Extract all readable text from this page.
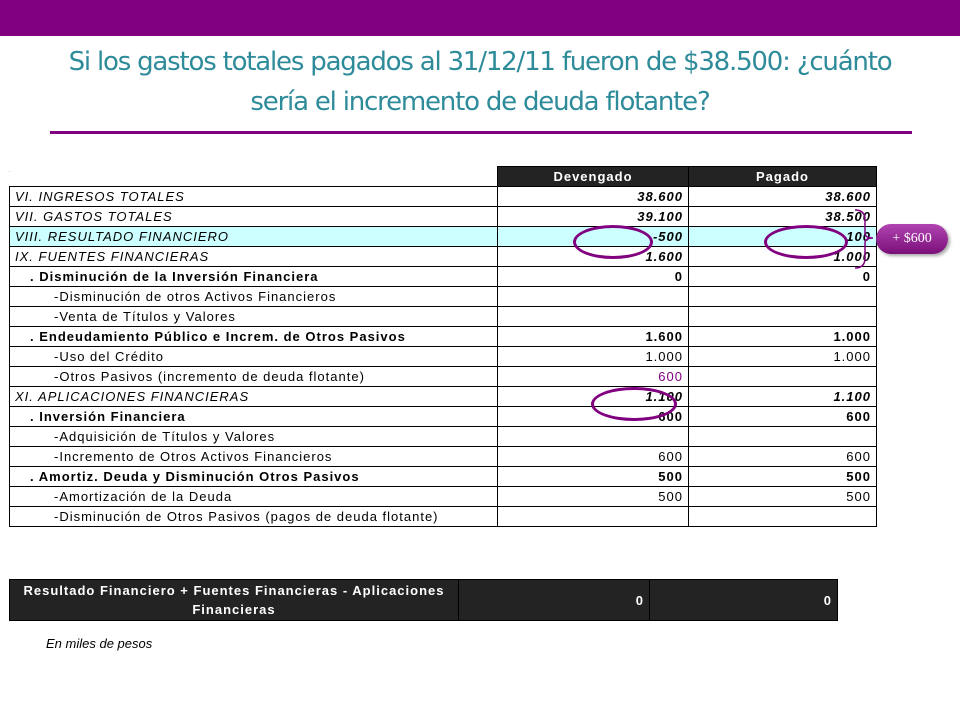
Si los gastos totales pagados al 31/12/11 fueron de $38.500: ¿cuánto
sería el incremento de deuda flotante?
	Devengado	Pagado
VI. INGRESOS TOTALES	38.600	38.600
VII. GASTOS TOTALES	39.100	38.500
VIII. RESULTADO FINANCIERO	-500	100
IX. FUENTES FINANCIERAS	1.600	1.000
. Disminución de la Inversión Financiera	0	0
-Disminución de otros Activos Financieros		
-Venta de Títulos y Valores		
. Endeudamiento Público e Increm. de Otros Pasivos	1.600	1.000
-Uso del Crédito	1.000	1.000
-Otros Pasivos (incremento de deuda flotante)	600	
XI. APLICACIONES FINANCIERAS	1.100	1.100
. Inversión Financiera	600	600
-Adquisición de Títulos y Valores		
-Incremento de Otros Activos Financieros	600	600
. Amortiz. Deuda y Disminución Otros Pasivos	500	500
-Amortización de la Deuda	500	500
-Disminución de Otros Pasivos (pagos de deuda flotante)		
Resultado Financiero + Fuentes Financieras - Aplicaciones
Financieras
	0	0
En miles de pesos
+ $600
